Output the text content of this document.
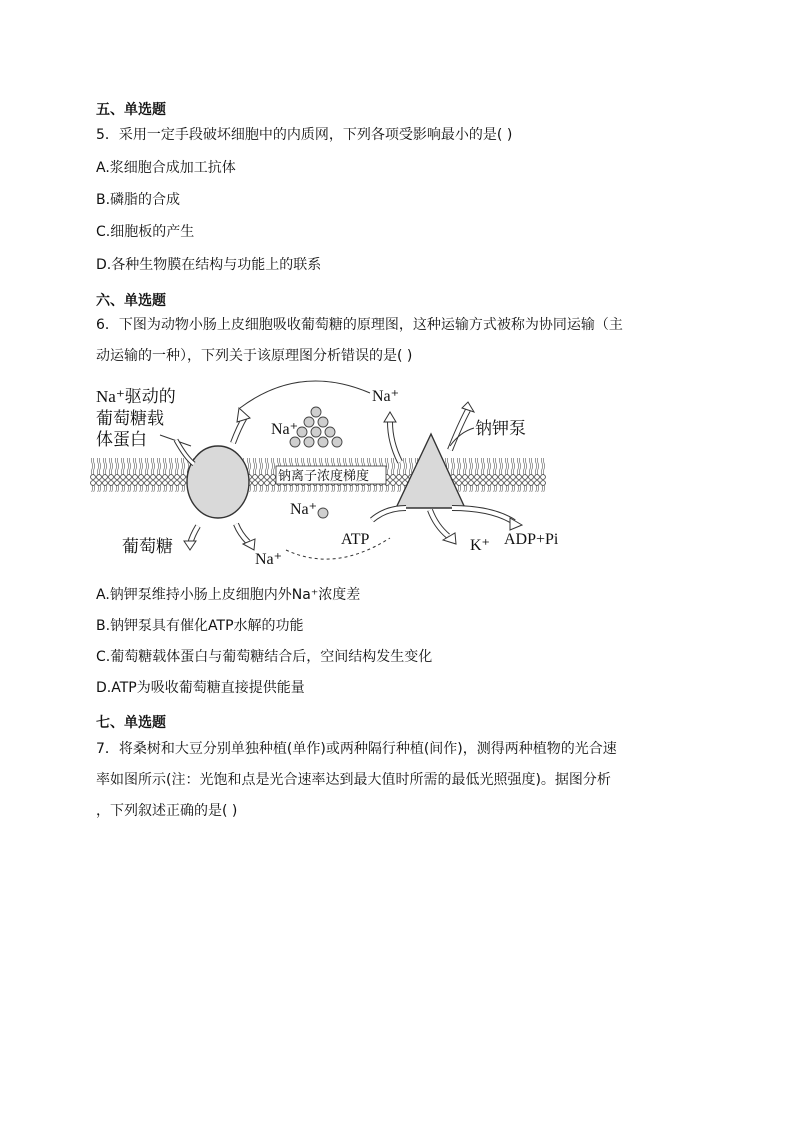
五、单选题
5．采用一定手段破坏细胞中的内质网，下列各项受影响最小的是( )
A.浆细胞合成加工抗体
B.磷脂的合成
C.细胞板的产生
D.各种生物膜在结构与功能上的联系
六、单选题
6．下图为动物小肠上皮细胞吸收葡萄糖的原理图，这种运输方式被称为协同运输（主
动运输的一种），下列关于该原理图分析错误的是( )
Na⁺驱动的
葡萄糖载
体蛋白
Na⁺
Na⁺
Na⁺
Na⁺
钠钾泵
钠离子浓度梯度
葡萄糖	ATP	K⁺ ADP+Pi
A.钠钾泵维持小肠上皮细胞内外Na⁺浓度差
B.钠钾泵具有催化ATP水解的功能
C.葡萄糖载体蛋白与葡萄糖结合后，空间结构发生变化
D.ATP为吸收葡萄糖直接提供能量
七、单选题
7．将桑树和大豆分别单独种植(单作)或两种隔行种植(间作)，测得两种植物的光合速
率如图所示(注：光饱和点是光合速率达到最大值时所需的最低光照强度)。据图分析
，下列叙述正确的是( )
